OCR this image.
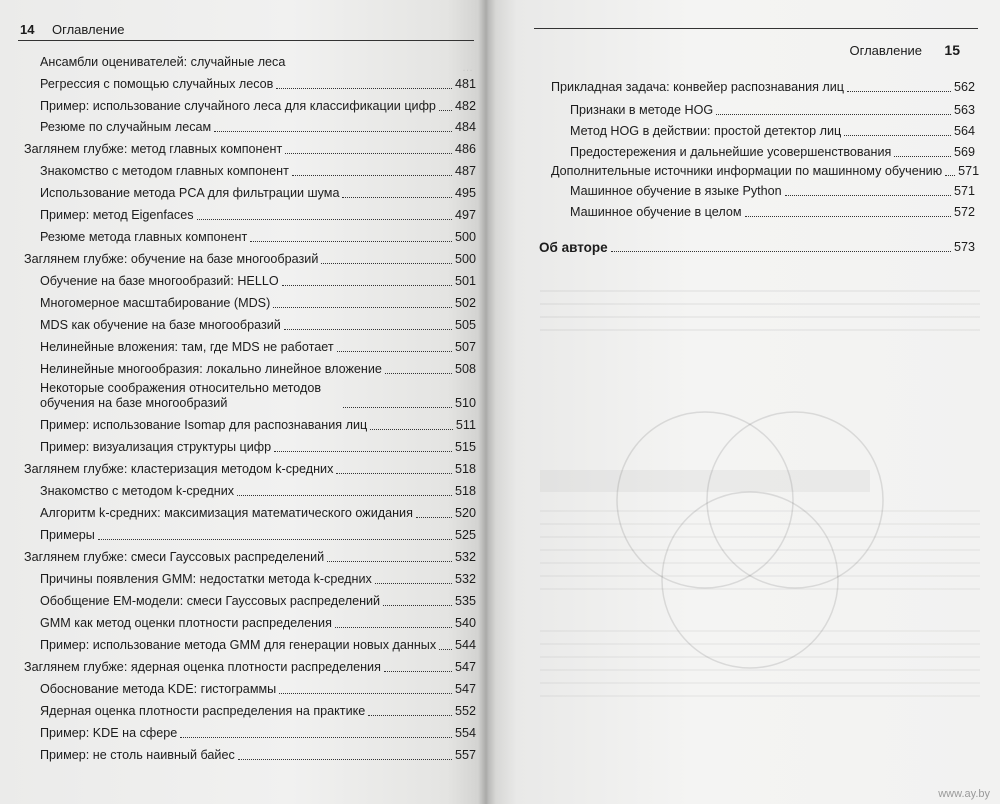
14 Оглавление
…
Ансамбли оценивателей: случайные леса
Регрессия с помощью случайных лесов	481
Пример: использование случайного леса для классификации цифр 482
Резюме по случайным лесам	484
Заглянем глубже: метод главных компонент	486
Знакомство с методом главных компонент	487
Использование метода PCA для фильтрации шума	495
Пример: метод Eigenfaces	497
Резюме метода главных компонент	500
Заглянем глубже: обучение на базе многообразий	500
Обучение на базе многообразий: HELLO	501
Многомерное масштабирование (MDS)	502
MDS как обучение на базе многообразий	505
Нелинейные вложения: там, где MDS не работает	507
Нелинейные многообразия: локально линейное вложение	508
Некоторые соображения относительно методов обучения на базе многообразий	510
Пример: использование Isomap для распознавания лиц	511
Пример: визуализация структуры цифр	515
Заглянем глубже: кластеризация методом k-средних	518
Знакомство с методом k-средних	518
Алгоритм k-средних: максимизация математического ожидания	520
Примеры	525
Заглянем глубже: смеси Гауссовых распределений	532
Причины появления GMM: недостатки метода k-средних	532
Обобщение EM-модели: смеси Гауссовых распределений	535
GMM как метод оценки плотности распределения	540
Пример: использование метода GMM для генерации новых данных 544
Заглянем глубже: ядерная оценка плотности распределения	547
Обоснование метода KDE: гистограммы	547
Ядерная оценка плотности распределения на практике	552
Пример: KDE на сфере	554
Пример: не столь наивный байес	557
Оглавление 15
Прикладная задача: конвейер распознавания лиц	562
Признаки в методе HOG	563
Метод HOG в действии: простой детектор лиц	564
Предостережения и дальнейшие усовершенствования	569
Дополнительные источники информации по машинному обучению 571
Машинное обучение в языке Python	571
Машинное обучение в целом	572
Об авторе	573
www.ay.by
